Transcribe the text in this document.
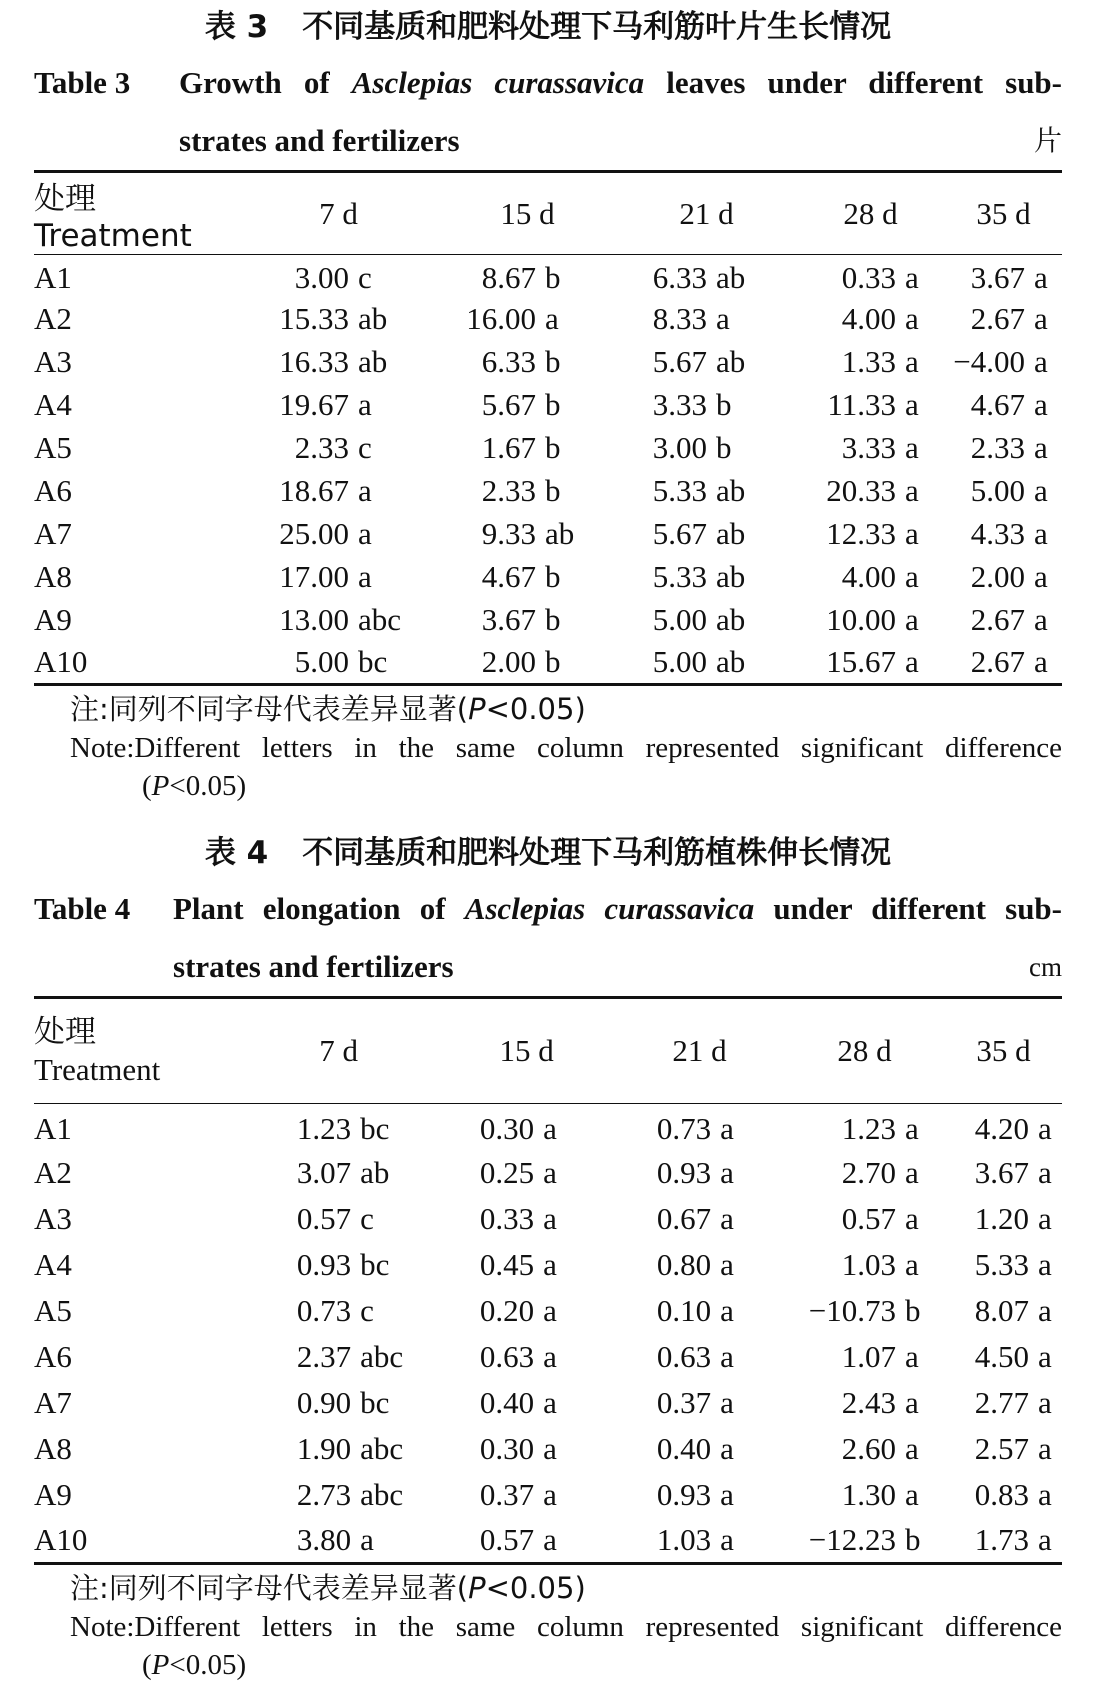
表 3 不同基质和肥料处理下马利筋叶片生长情况
Table 3 Growth of Asclepias curassavica leaves under different sub-
strates and fertilizers	片
处理 Treatment	7 d	15 d	21 d	28 d	35 d
A1	3.00 c	8.67 b	6.33 ab	0.33 a	3.67 a
A2	15.33 ab	16.00 a	8.33 a	4.00 a	2.67 a
A3	16.33 ab	6.33 b	5.67 ab	1.33 a	−4.00 a
A4	19.67 a	5.67 b	3.33 b	11.33 a	4.67 a
A5	2.33 c	1.67 b	3.00 b	3.33 a	2.33 a
A6	18.67 a	2.33 b	5.33 ab	20.33 a	5.00 a
A7	25.00 a	9.33 ab	5.67 ab	12.33 a	4.33 a
A8	17.00 a	4.67 b	5.33 ab	4.00 a	2.00 a
A9	13.00 abc	3.67 b	5.00 ab	10.00 a	2.67 a
A10	5.00 bc	2.00 b	5.00 ab	15.67 a	2.67 a
注:同列不同字母代表差异显著(P<0.05)

Note:Different letters in the same column represented significant difference
(P<0.05)
表 4 不同基质和肥料处理下马利筋植株伸长情况
Table 4 Plant elongation of Asclepias curassavica under different sub-
strates and fertilizers	cm
处理
Treatment	7 d	15 d	21 d	28 d	35 d
A1	1.23 bc	0.30 a	0.73 a	1.23 a	4.20 a
A2	3.07 ab	0.25 a	0.93 a	2.70 a	3.67 a
A3	0.57 c	0.33 a	0.67 a	0.57 a	1.20 a
A4	0.93 bc	0.45 a	0.80 a	1.03 a	5.33 a
A5	0.73 c	0.20 a	0.10 a	−10.73 b	8.07 a
A6	2.37 abc	0.63 a	0.63 a	1.07 a	4.50 a
A7	0.90 bc	0.40 a	0.37 a	2.43 a	2.77 a
A8	1.90 abc	0.30 a	0.40 a	2.60 a	2.57 a
A9	2.73 abc	0.37 a	0.93 a	1.30 a	0.83 a
A10	3.80 a	0.57 a	1.03 a	−12.23 b	1.73 a
注:同列不同字母代表差异显著(P<0.05)

Note:Different letters in the same column represented significant difference
(P<0.05)
